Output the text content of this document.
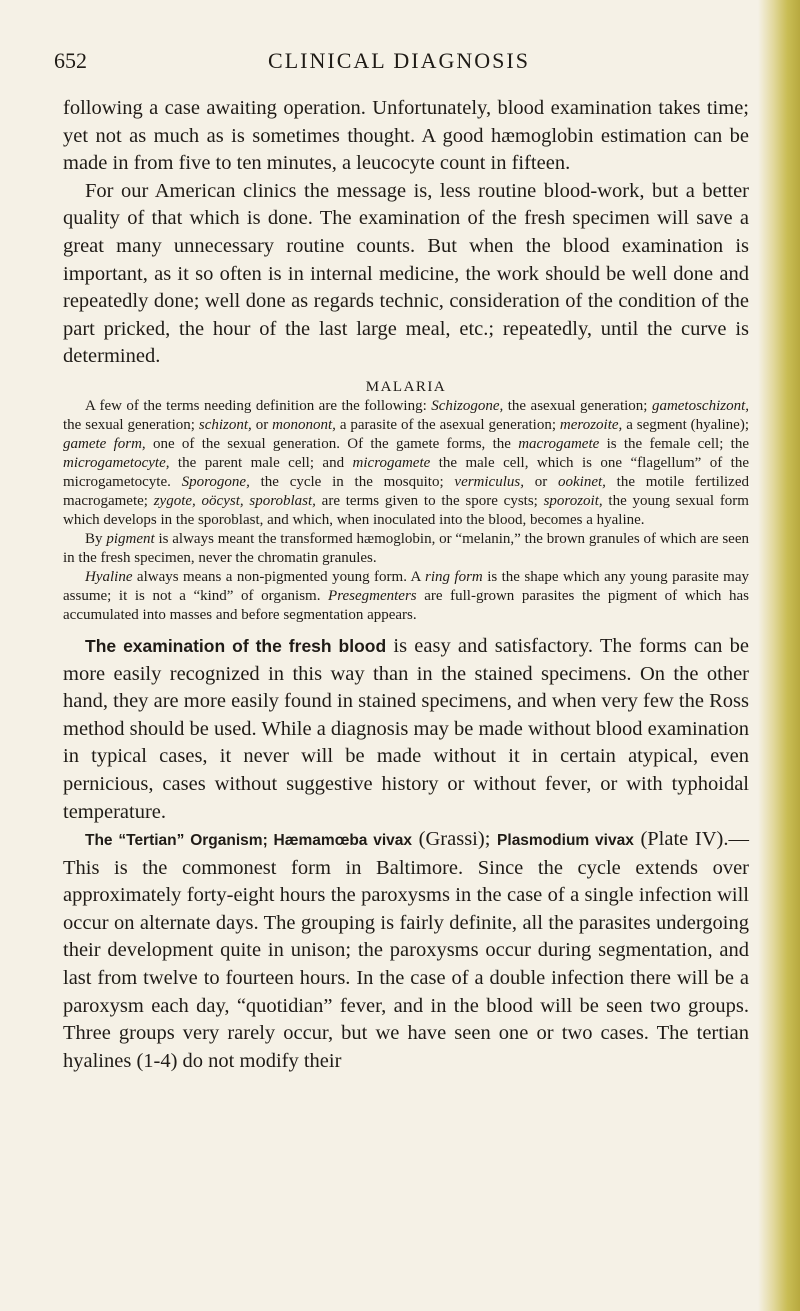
652	CLINICAL DIAGNOSIS

following a case awaiting operation. Unfortunately, blood examination takes time; yet not as much as is sometimes thought. A good hæmoglobin estimation can be made in from five to ten minutes, a leucocyte count in fifteen.

For our American clinics the message is, less routine blood-work, but a better quality of that which is done. The examination of the fresh specimen will save a great many unnecessary routine counts. But when the blood examination is important, as it so often is in internal medicine, the work should be well done and repeatedly done; well done as regards technic, consideration of the condition of the part pricked, the hour of the last large meal, etc.; repeatedly, until the curve is determined.

MALARIA

A few of the terms needing definition are the following: Schizogone, the asexual generation; gametoschizont, the sexual generation; schizont, or mononont, a parasite of the asexual generation; merozoite, a segment (hyaline); gamete form, one of the sexual generation. Of the gamete forms, the macrogamete is the female cell; the microgametocyte, the parent male cell; and microgamete the male cell, which is one “flagellum” of the microgametocyte. Sporogone, the cycle in the mosquito; vermiculus, or ookinet, the motile fertilized macrogamete; zygote, oöcyst, sporoblast, are terms given to the spore cysts; sporozoit, the young sexual form which develops in the sporoblast, and which, when inoculated into the blood, becomes a hyaline.

By pigment is always meant the transformed hæmoglobin, or “melanin,” the brown granules of which are seen in the fresh specimen, never the chromatin granules.

Hyaline always means a non-pigmented young form. A ring form is the shape which any young parasite may assume; it is not a “kind” of organism. Presegmenters are full-grown parasites the pigment of which has accumulated into masses and before segmentation appears.

The examination of the fresh blood is easy and satisfactory. The forms can be more easily recognized in this way than in the stained specimens. On the other hand, they are more easily found in stained specimens, and when very few the Ross method should be used. While a diagnosis may be made without blood examination in typical cases, it never will be made without it in certain atypical, even pernicious, cases without suggestive history or without fever, or with typhoidal temperature.

The “Tertian” Organism; Hæmamœba vivax (Grassi); Plasmodium vivax (Plate IV).—This is the commonest form in Baltimore. Since the cycle extends over approximately forty-eight hours the paroxysms in the case of a single infection will occur on alternate days. The grouping is fairly definite, all the parasites undergoing their development quite in unison; the paroxysms occur during segmentation, and last from twelve to fourteen hours. In the case of a double infection there will be a paroxysm each day, “quotidian” fever, and in the blood will be seen two groups. Three groups very rarely occur, but we have seen one or two cases. The tertian hyalines (1-4) do not modify their
